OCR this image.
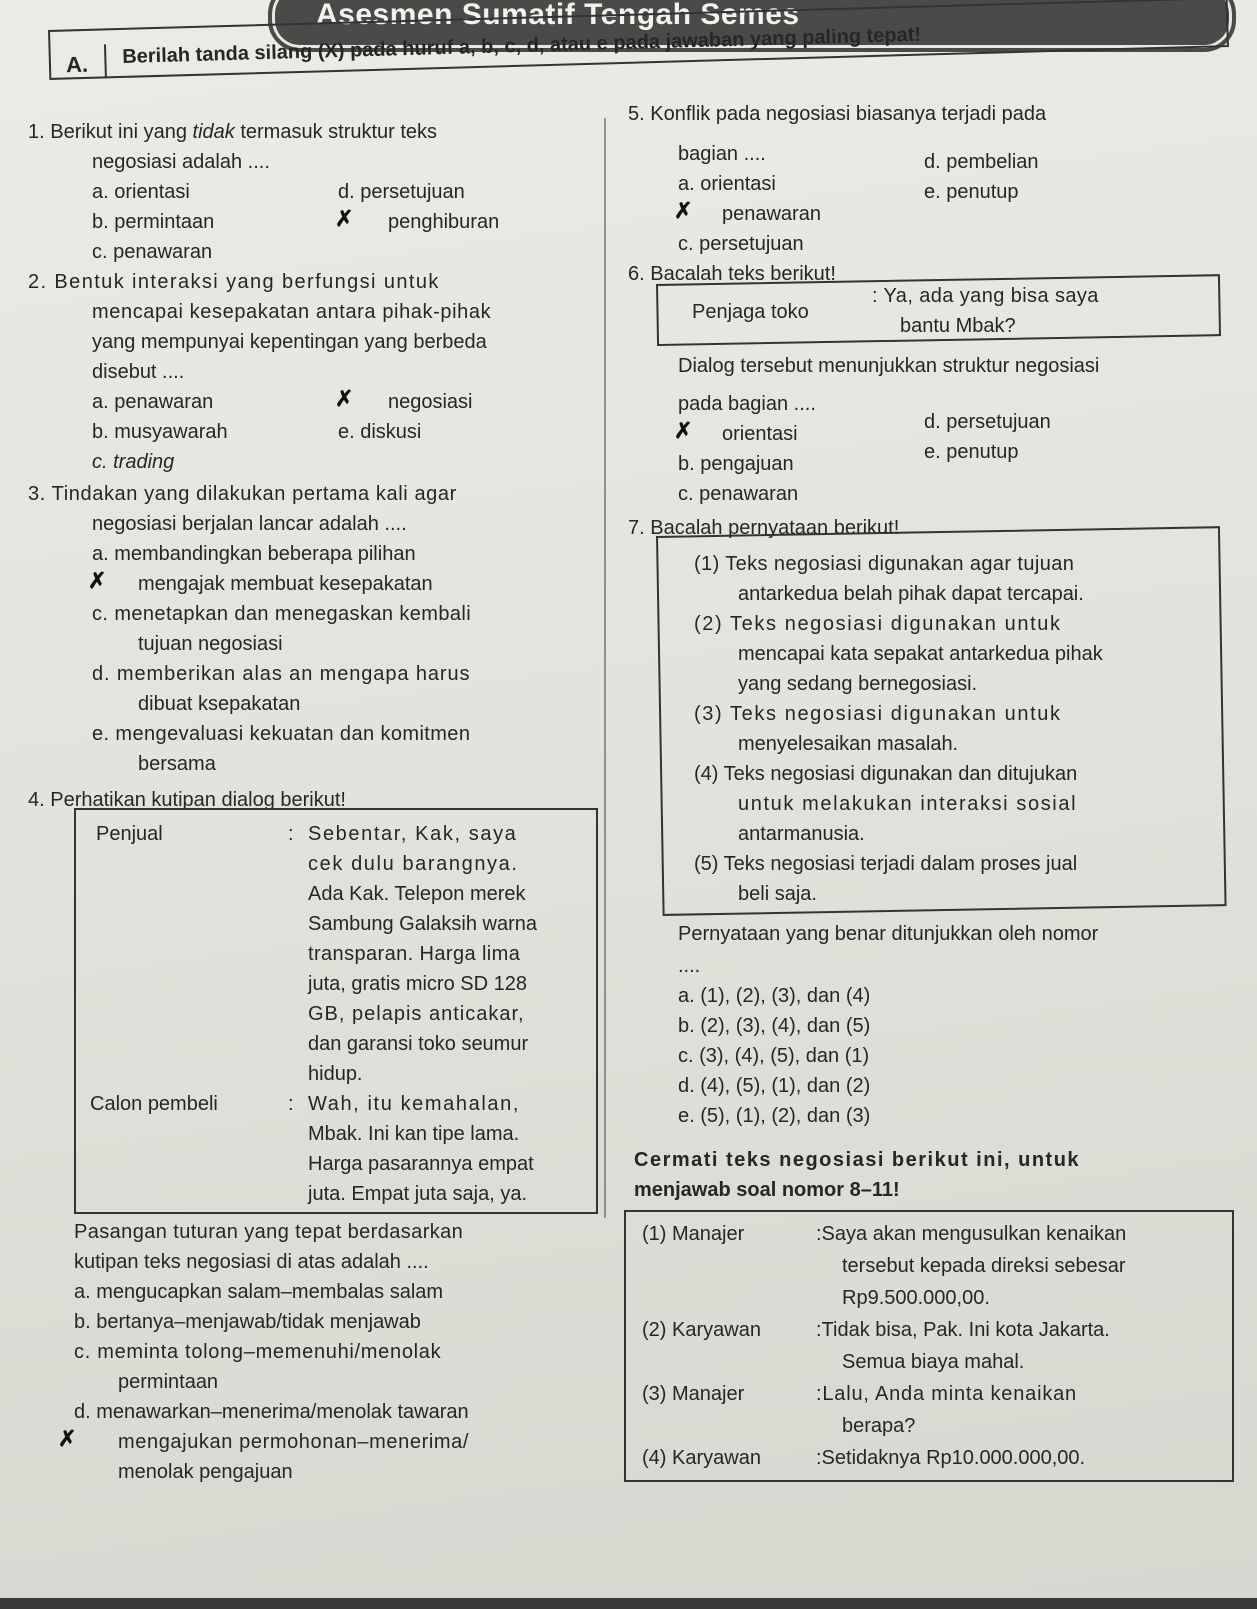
Asesmen Sumatif Tengah Semes
A. Berilah tanda silang (X) pada huruf a, b, c, d, atau e pada jawaban yang paling tepat!
1. Berikut ini yang tidak termasuk struktur teks
negosiasi adalah ....
a. orientasi	d. persetujuan
b. permintaan	✗ penghiburan
c. penawaran
2. Bentuk interaksi yang berfungsi untuk
mencapai kesepakatan antara pihak-pihak
yang mempunyai kepentingan yang berbeda
disebut ....
a. penawaran	✗ negosiasi
b. musyawarah	e. diskusi
c. trading
3. Tindakan yang dilakukan pertama kali agar
negosiasi berjalan lancar adalah ....
a. membandingkan beberapa pilihan
✗ mengajak membuat kesepakatan
c. menetapkan dan menegaskan kembali
tujuan negosiasi
d. memberikan alas an mengapa harus
dibuat ksepakatan
e. mengevaluasi kekuatan dan komitmen
bersama
4. Perhatikan kutipan dialog berikut!
Penjual	: Sebentar, Kak, saya
cek dulu barangnya.
Ada Kak. Telepon merek
Sambung Galaksih warna
transparan. Harga lima
juta, gratis micro SD 128
GB, pelapis anticakar,
dan garansi toko seumur
hidup.
Calon pembeli	: Wah, itu kemahalan,
Mbak. Ini kan tipe lama.
Harga pasarannya empat
juta. Empat juta saja, ya.
Pasangan tuturan yang tepat berdasarkan
kutipan teks negosiasi di atas adalah ....
a. mengucapkan salam–membalas salam
b. bertanya–menjawab/tidak menjawab
c. meminta tolong–memenuhi/menolak
permintaan
d. menawarkan–menerima/menolak tawaran
✗ mengajukan permohonan–menerima/
menolak pengajuan
5. Konflik pada negosiasi biasanya terjadi pada
bagian ....
a. orientasi
d. pembelian
✗ penawaran
e. penutup
c. persetujuan
6. Bacalah teks berikut!
Penjaga toko
: Ya, ada yang bisa saya
bantu Mbak?
Dialog tersebut menunjukkan struktur negosiasi
pada bagian ....
✗ orientasi
d. persetujuan
b. pengajuan
e. penutup
c. penawaran
7. Bacalah pernyataan berikut!
(1) Teks negosiasi digunakan agar tujuan
antarkedua belah pihak dapat tercapai.
(2) Teks negosiasi digunakan untuk
mencapai kata sepakat antarkedua pihak
yang sedang bernegosiasi.
(3) Teks negosiasi digunakan untuk
menyelesaikan masalah.
(4) Teks negosiasi digunakan dan ditujukan
untuk melakukan interaksi sosial
antarmanusia.
(5) Teks negosiasi terjadi dalam proses jual
beli saja.
Pernyataan yang benar ditunjukkan oleh nomor
....
a. (1), (2), (3), dan (4)
b. (2), (3), (4), dan (5)
c. (3), (4), (5), dan (1)
d. (4), (5), (1), dan (2)
e. (5), (1), (2), dan (3)
Cermati teks negosiasi berikut ini, untuk
menjawab soal nomor 8–11!
(1) Manajer	:Saya akan mengusulkan kenaikan
tersebut kepada direksi sebesar
Rp9.500.000,00.
(2) Karyawan	:Tidak bisa, Pak. Ini kota Jakarta.
Semua biaya mahal.
(3) Manajer	:Lalu, Anda minta kenaikan
berapa?
(4) Karyawan	:Setidaknya Rp10.000.000,00.
